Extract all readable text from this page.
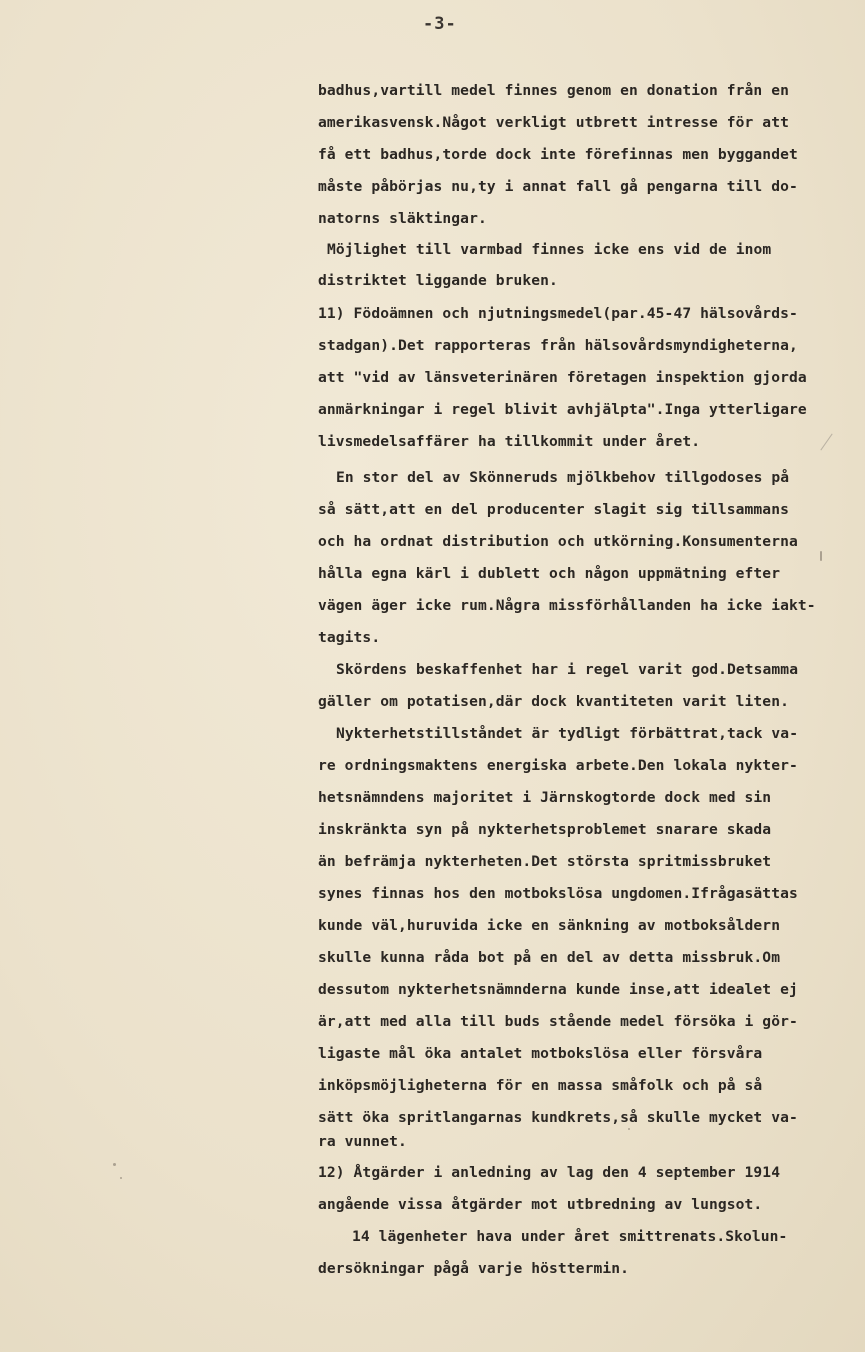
-3-
badhus,vartill medel finnes genom en donation från en
amerikasvensk.Något verkligt utbrett intresse för att
få ett badhus,torde dock inte förefinnas men byggandet
måste påbörjas nu,ty i annat fall gå pengarna till do-
natorns släktingar.
Möjlighet till varmbad finnes icke ens vid de inom
distriktet liggande bruken.
11) Födoämnen och njutningsmedel(par.45-47 hälsovårds-
stadgan).Det rapporteras från hälsovårdsmyndigheterna,
att "vid av länsveterinären företagen inspektion gjorda
anmärkningar i regel blivit avhjälpta".Inga ytterligare
livsmedelsaffärer ha tillkommit under året.
En stor del av Skönneruds mjölkbehov tillgodoses på
så sätt,att en del producenter slagit sig tillsammans
och ha ordnat distribution och utkörning.Konsumenterna
hålla egna kärl i dublett och någon uppmätning efter
vägen äger icke rum.Några missförhållanden ha icke iakt-
tagits.
Skördens beskaffenhet har i regel varit god.Detsamma
gäller om potatisen,där dock kvantiteten varit liten.
Nykterhetstillståndet är tydligt förbättrat,tack va-
re ordningsmaktens energiska arbete.Den lokala nykter-
hetsnämndens majoritet i Järnskogtorde dock med sin
inskränkta syn på nykterhetsproblemet snarare skada
än befrämja nykterheten.Det största spritmissbruket
synes finnas hos den motbokslösa ungdomen.Ifrågasättas
kunde väl,huruvida icke en sänkning av motboksåldern
skulle kunna råda bot på en del av detta missbruk.Om
dessutom nykterhetsnämnderna kunde inse,att idealet ej
är,att med alla till buds stående medel försöka i gör-
ligaste mål öka antalet motbokslösa eller försvåra
inköpsmöjligheterna för en massa småfolk och på så
sätt öka spritlangarnas kundkrets,så skulle mycket va-
ra vunnet.
12) Åtgärder i anledning av lag den 4 september 1914
angående vissa åtgärder mot utbredning av lungsot.
14 lägenheter hava under året smittrenats.Skolun-
dersökningar pågå varje hösttermin.
